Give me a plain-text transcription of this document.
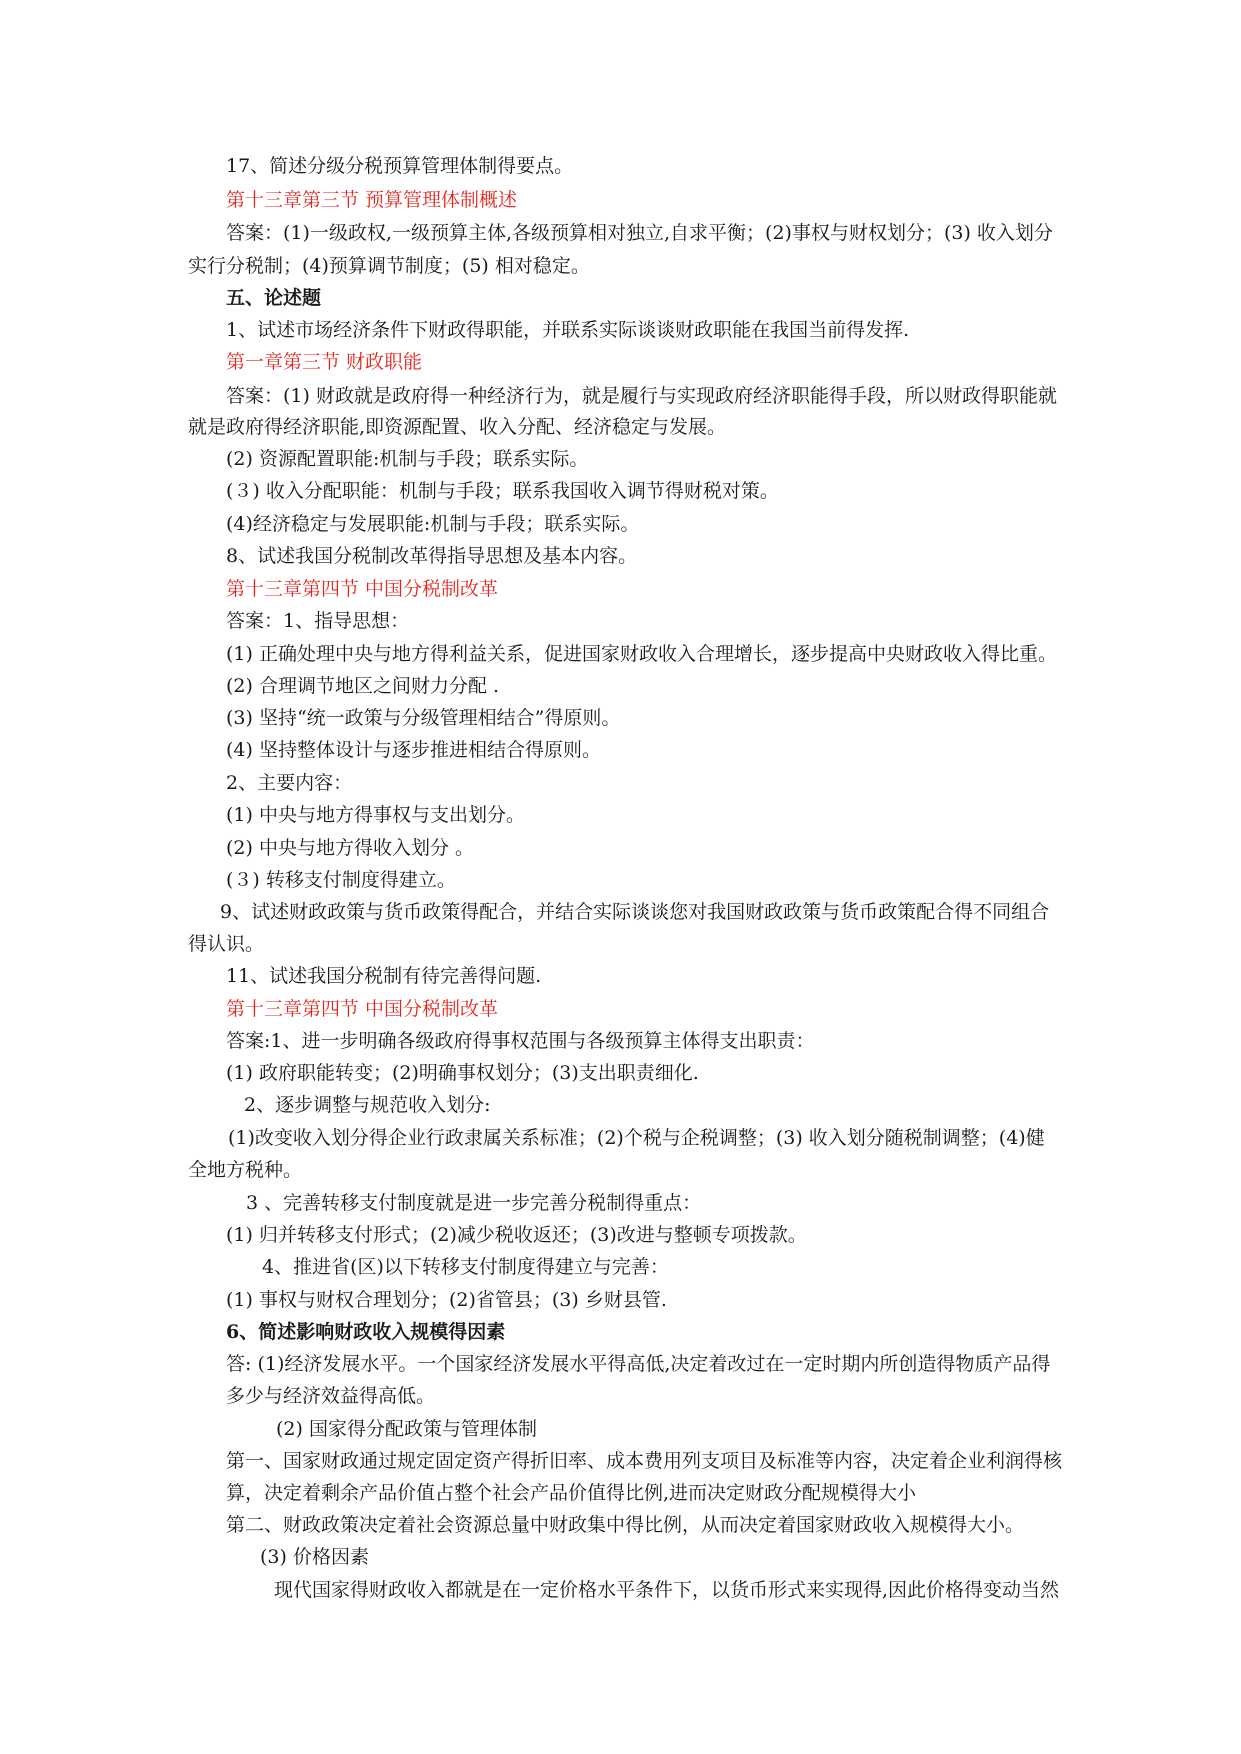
17、简述分级分税预算管理体制得要点。
第十三章第三节 预算管理体制概述
答案：(1)一级政权,一级预算主体,各级预算相对独立,自求平衡；(2)事权与财权划分；(3) 收入划分
实行分税制；(4)预算调节制度；(5) 相对稳定。
五、论述题
1、试述市场经济条件下财政得职能，并联系实际谈谈财政职能在我国当前得发挥.
第一章第三节 财政职能
答案：(1) 财政就是政府得一种经济行为，就是履行与实现政府经济职能得手段，所以财政得职能就
就是政府得经济职能,即资源配置、收入分配、经济稳定与发展。
(2) 资源配置职能:机制与手段；联系实际。
(３) 收入分配职能：机制与手段；联系我国收入调节得财税对策。
(4)经济稳定与发展职能:机制与手段；联系实际。
8、试述我国分税制改革得指导思想及基本内容。
第十三章第四节 中国分税制改革
答案：1、指导思想：
(1) 正确处理中央与地方得利益关系，促进国家财政收入合理增长，逐步提高中央财政收入得比重。
(2) 合理调节地区之间财力分配 .
(3) 坚持“统一政策与分级管理相结合”得原则。
(4) 坚持整体设计与逐步推进相结合得原则。
2、主要内容：
(1) 中央与地方得事权与支出划分。
(2) 中央与地方得收入划分 。
(３) 转移支付制度得建立。
9、试述财政政策与货币政策得配合，并结合实际谈谈您对我国财政政策与货币政策配合得不同组合
得认识。
11、试述我国分税制有待完善得问题.
第十三章第四节 中国分税制改革
答案:1、进一步明确各级政府得事权范围与各级预算主体得支出职责：
(1) 政府职能转变；(2)明确事权划分；(3)支出职责细化.
2、逐步调整与规范收入划分:
(1)改变收入划分得企业行政隶属关系标准；(2)个税与企税调整；(3) 收入划分随税制调整；(4)健
全地方税种。
3 、完善转移支付制度就是进一步完善分税制得重点：
(1) 归并转移支付形式；(2)减少税收返还；(3)改进与整顿专项拨款。
4、推进省(区)以下转移支付制度得建立与完善：
(1) 事权与财权合理划分；(2)省管县；(3) 乡财县管.
6、简述影响财政收入规模得因素
答: (1)经济发展水平。一个国家经济发展水平得高低,决定着改过在一定时期内所创造得物质产品得
多少与经济效益得高低。
(2) 国家得分配政策与管理体制
第一、国家财政通过规定固定资产得折旧率、成本费用列支项目及标准等内容，决定着企业利润得核
算，决定着剩余产品价值占整个社会产品价值得比例,进而决定财政分配规模得大小
第二、财政政策决定着社会资源总量中财政集中得比例，从而决定着国家财政收入规模得大小。
(3) 价格因素
现代国家得财政收入都就是在一定价格水平条件下，以货币形式来实现得,因此价格得变动当然
